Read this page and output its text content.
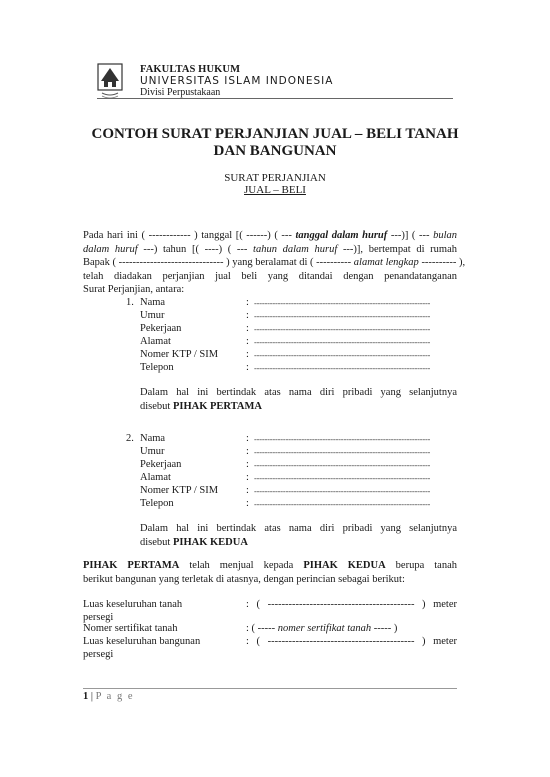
FAKULTAS HUKUM
UNIVERSITAS ISLAM INDONESIA
Divisi Perpustakaan
CONTOH SURAT PERJANJIAN JUAL – BELI TANAH
DAN BANGUNAN
SURAT PERJANJIAN
JUAL – BELI
Pada hari ini ( ------------ ) tanggal [( ------) ( --- tanggal dalam huruf ---)] ( --- bulan
dalam huruf ---) tahun [( ----) ( --- tahun dalam huruf ---)], bertempat di rumah
Bapak ( ------------------------------ ) yang beralamat di ( ---------- alamat lengkap ---------- ),
telah diadakan perjanjian jual beli yang ditandai dengan penandatanganan
Surat Perjanjian, antara:
1. Nama	: -------------------------------------------------------------------
Umur	: -------------------------------------------------------------------
Pekerjaan	: -------------------------------------------------------------------
Alamat	: -------------------------------------------------------------------
Nomer KTP / SIM	: -------------------------------------------------------------------
Telepon	: -------------------------------------------------------------------
Dalam hal ini bertindak atas nama diri pribadi yang selanjutnya
disebut PIHAK PERTAMA
2. Nama	: -------------------------------------------------------------------
Umur	: -------------------------------------------------------------------
Pekerjaan	: -------------------------------------------------------------------
Alamat	: -------------------------------------------------------------------
Nomer KTP / SIM	: -------------------------------------------------------------------
Telepon	: -------------------------------------------------------------------
Dalam hal ini bertindak atas nama diri pribadi yang selanjutnya
disebut PIHAK KEDUA
PIHAK PERTAMA telah menjual kepada PIHAK KEDUA berupa tanah
berikut bangunan yang terletak di atasnya, dengan perincian sebagai berikut:
Luas keseluruhan tanah	: ( ------------------------------------------ ) meter
persegi
Nomer sertifikat tanah	: ( ----- nomer sertifikat tanah ----- )
Luas keseluruhan bangunan	: ( ------------------------------------------ ) meter
persegi
1 | P a g e
